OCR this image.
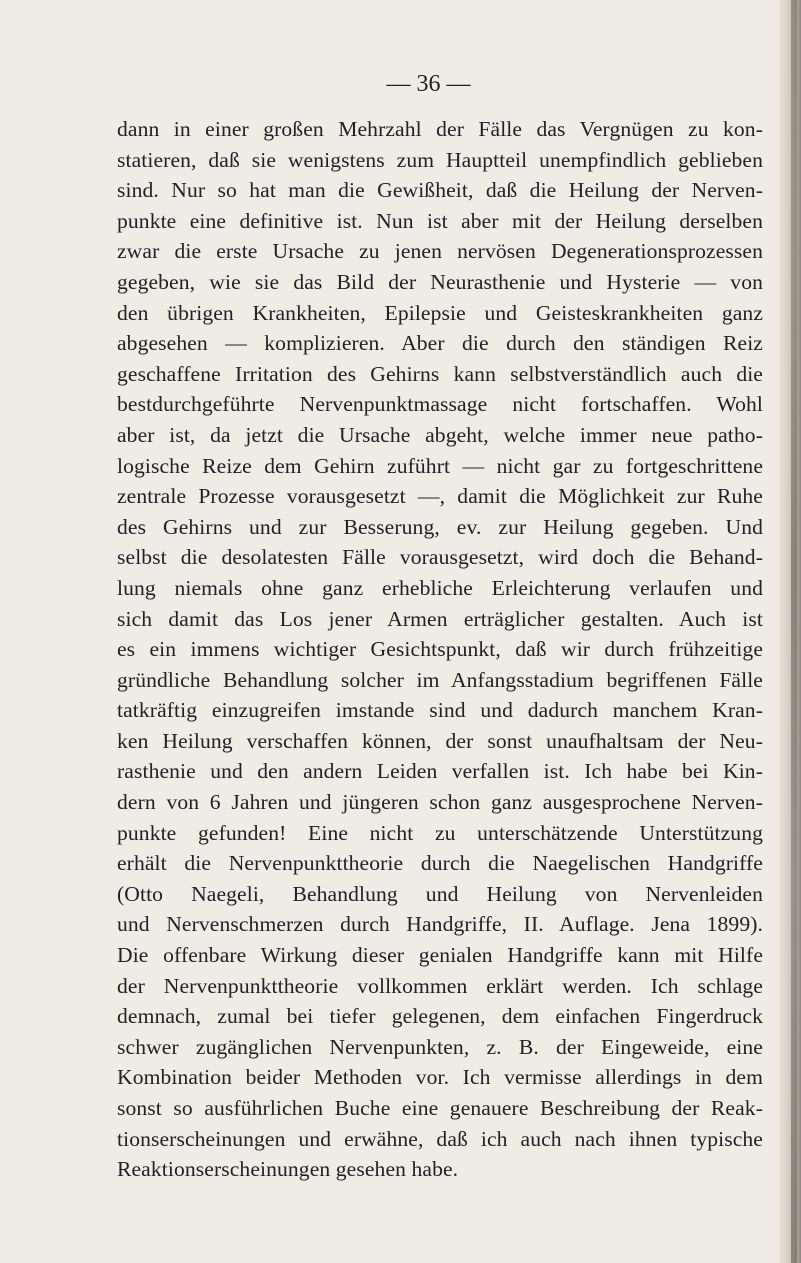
— 36 —
dann in einer großen Mehrzahl der Fälle das Vergnügen zu kon-
statieren, daß sie wenigstens zum Hauptteil unempfindlich geblieben
sind. Nur so hat man die Gewißheit, daß die Heilung der Nerven-
punkte eine definitive ist. Nun ist aber mit der Heilung derselben
zwar die erste Ursache zu jenen nervösen Degenerationsprozessen
gegeben, wie sie das Bild der Neurasthenie und Hysterie — von
den übrigen Krankheiten, Epilepsie und Geisteskrankheiten ganz
abgesehen — komplizieren. Aber die durch den ständigen Reiz
geschaffene Irritation des Gehirns kann selbstverständlich auch die
bestdurchgeführte Nervenpunktmassage nicht fortschaffen. Wohl
aber ist, da jetzt die Ursache abgeht, welche immer neue patho-
logische Reize dem Gehirn zuführt — nicht gar zu fortgeschrittene
zentrale Prozesse vorausgesetzt —, damit die Möglichkeit zur Ruhe
des Gehirns und zur Besserung, ev. zur Heilung gegeben. Und
selbst die desolatesten Fälle vorausgesetzt, wird doch die Behand-
lung niemals ohne ganz erhebliche Erleichterung verlaufen und
sich damit das Los jener Armen erträglicher gestalten. Auch ist
es ein immens wichtiger Gesichtspunkt, daß wir durch frühzeitige
gründliche Behandlung solcher im Anfangsstadium begriffenen Fälle
tatkräftig einzugreifen imstande sind und dadurch manchem Kran-
ken Heilung verschaffen können, der sonst unaufhaltsam der Neu-
rasthenie und den andern Leiden verfallen ist. Ich habe bei Kin-
dern von 6 Jahren und jüngeren schon ganz ausgesprochene Nerven-
punkte gefunden! Eine nicht zu unterschätzende Unterstützung
erhält die Nervenpunkttheorie durch die Naegelischen Handgriffe
(Otto Naegeli, Behandlung und Heilung von Nervenleiden
und Nervenschmerzen durch Handgriffe, II. Auflage. Jena 1899).
Die offenbare Wirkung dieser genialen Handgriffe kann mit Hilfe
der Nervenpunkttheorie vollkommen erklärt werden. Ich schlage
demnach, zumal bei tiefer gelegenen, dem einfachen Fingerdruck
schwer zugänglichen Nervenpunkten, z. B. der Eingeweide, eine
Kombination beider Methoden vor. Ich vermisse allerdings in dem
sonst so ausführlichen Buche eine genauere Beschreibung der Reak-
tionserscheinungen und erwähne, daß ich auch nach ihnen typische
Reaktionserscheinungen gesehen habe.
